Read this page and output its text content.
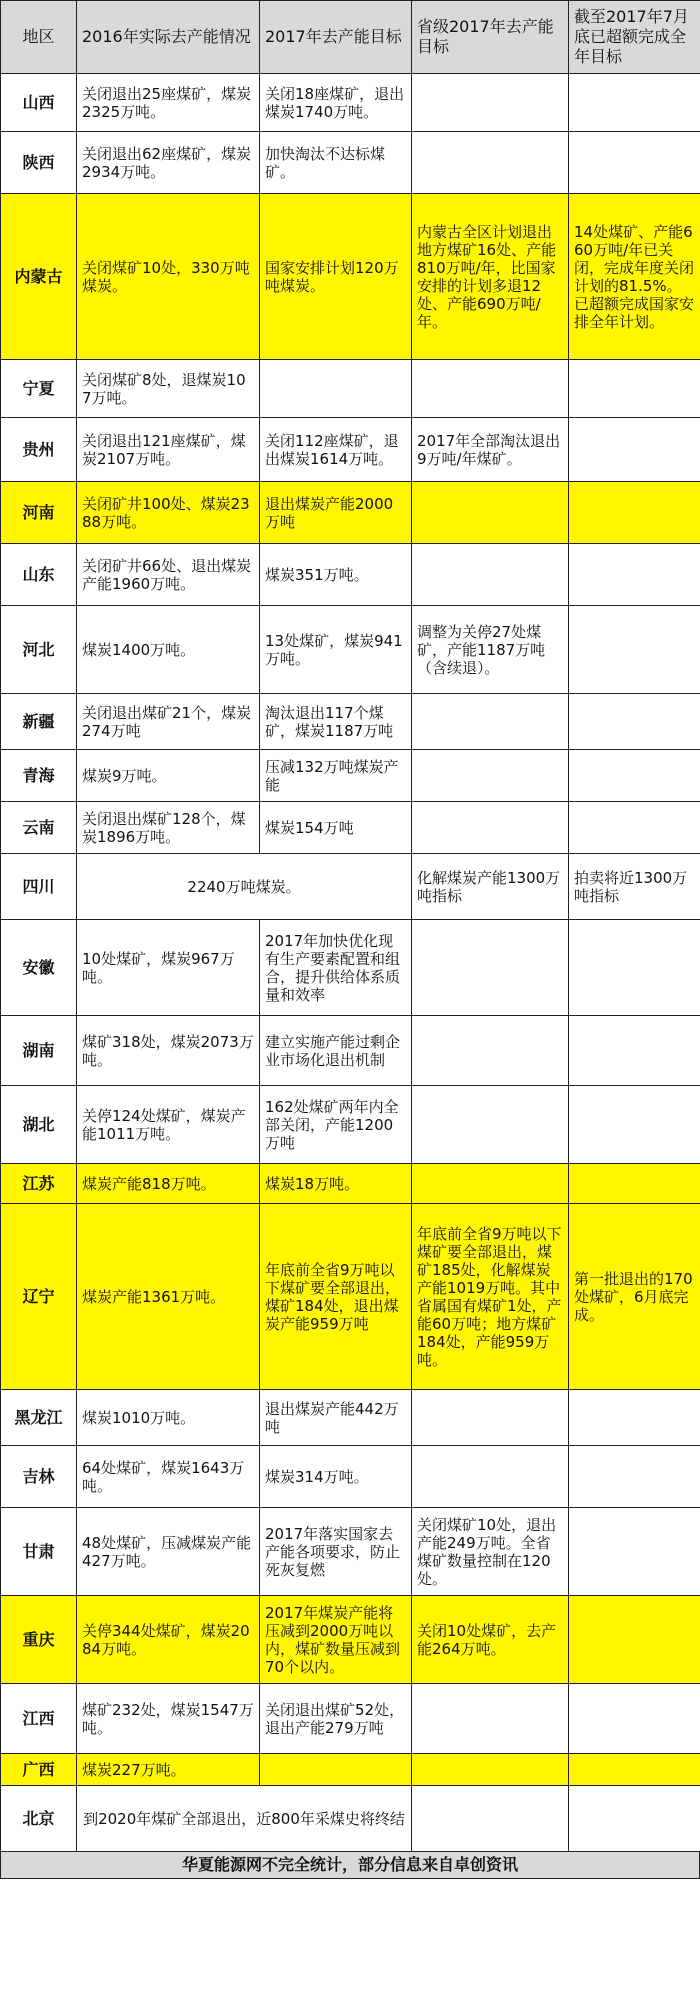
地区	2016年实际去产能情况	2017年去产能目标	省级2017年去产能目标	截至2017年7月底已超额完成全年目标
山西	关闭退出25座煤矿，煤炭2325万吨。	关闭18座煤矿，退出煤炭1740万吨。		
陕西	关闭退出62座煤矿，煤炭2934万吨。	加快淘汰不达标煤矿。		
内蒙古	关闭煤矿10处，330万吨煤炭。	国家安排计划120万吨煤炭。	内蒙古全区计划退出地方煤矿16处、产能810万吨/年，比国家安排的计划多退12处、产能690万吨/年。	14处煤矿、产能660万吨/年已关闭，完成年度关闭计划的81.5%。已超额完成国家安排全年计划。
宁夏	关闭煤矿8处，退煤炭107万吨。			
贵州	关闭退出121座煤矿，煤炭2107万吨。	关闭112座煤矿，退出煤炭1614万吨。	2017年全部淘汰退出9万吨/年煤矿。	
河南	关闭矿井100处、煤炭2388万吨。	退出煤炭产能2000万吨		
山东	关闭矿井66处、退出煤炭产能1960万吨。	煤炭351万吨。		
河北	煤炭1400万吨。	13处煤矿，煤炭941万吨。	调整为关停27处煤矿，产能1187万吨（含续退）。	
新疆	关闭退出煤矿21个，煤炭274万吨	淘汰退出117个煤矿，煤炭1187万吨		
青海	煤炭9万吨。	压减132万吨煤炭产能		
云南	关闭退出煤矿128个，煤炭1896万吨。	煤炭154万吨		
四川	2240万吨煤炭。		化解煤炭产能1300万吨指标	拍卖将近1300万吨指标
安徽	10处煤矿，煤炭967万吨。	2017年加快优化现有生产要素配置和组合，提升供给体系质量和效率		
湖南	煤矿318处，煤炭2073万吨。	建立实施产能过剩企业市场化退出机制		
湖北	关停124处煤矿，煤炭产能1011万吨。	162处煤矿两年内全部关闭，产能1200万吨		
江苏	煤炭产能818万吨。	煤炭18万吨。		
辽宁	煤炭产能1361万吨。	年底前全省9万吨以下煤矿要全部退出，煤矿184处，退出煤炭产能959万吨	年底前全省9万吨以下煤矿要全部退出，煤矿185处，化解煤炭产能1019万吨。其中省属国有煤矿1处，产能60万吨；地方煤矿184处，产能959万吨。	第一批退出的170处煤矿，6月底完成。
黑龙江	煤炭1010万吨。	退出煤炭产能442万吨		
吉林	64处煤矿，煤炭1643万吨。	煤炭314万吨。		
甘肃	48处煤矿，压减煤炭产能427万吨。	2017年落实国家去产能各项要求，防止死灰复燃	关闭煤矿10处，退出产能249万吨。全省煤矿数量控制在120处。	
重庆	关停344处煤矿，煤炭2084万吨。	2017年煤炭产能将压减到2000万吨以内，煤矿数量压减到70个以内。	关闭10处煤矿，去产能264万吨。	
江西	煤矿232处，煤炭1547万吨。	关闭退出煤矿52处，退出产能279万吨		
广西	煤炭227万吨。			
北京	到2020年煤矿全部退出，近800年采煤史将终结			
华夏能源网不完全统计，部分信息来自卓创资讯
